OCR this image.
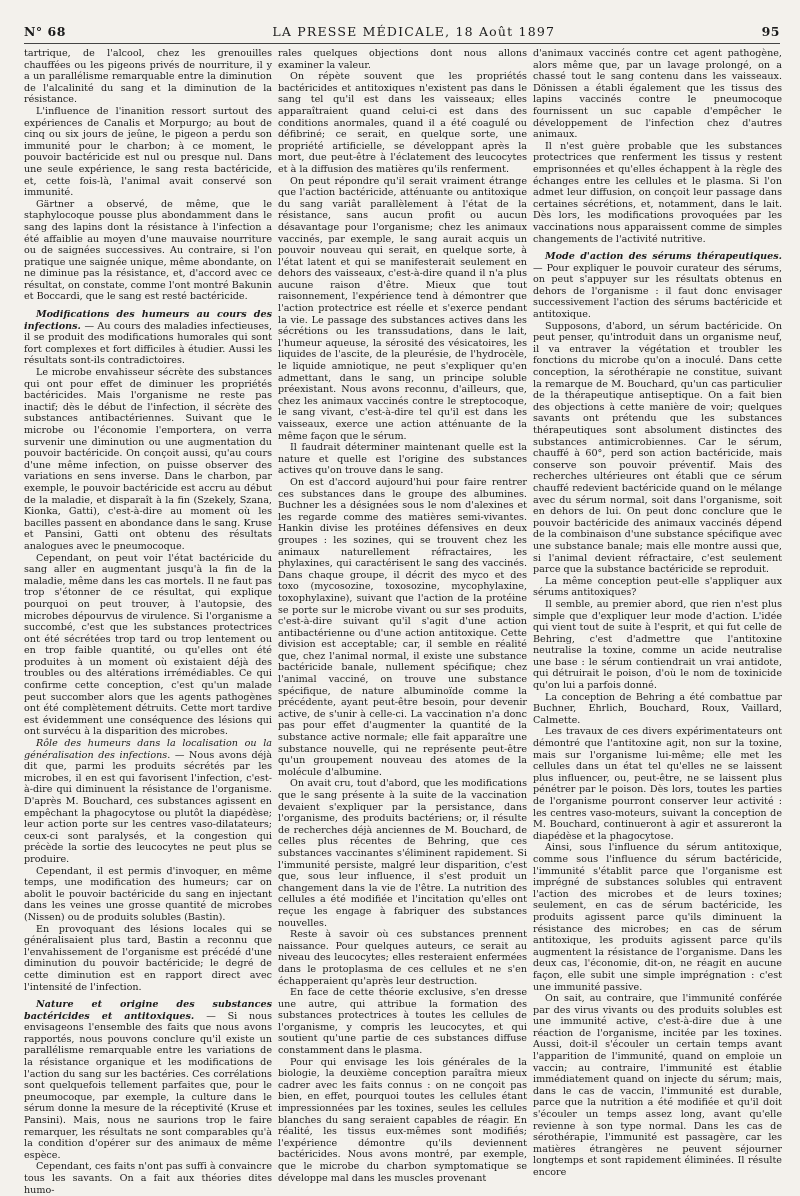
N° 68	LA PRESSE MÉDICALE, 18 Août 1897	95

tartrique, de l'alcool, chez les grenouilles chauffées ou les pigeons privés de nourriture, il y a un parallélisme remarquable entre la diminution de l'alcalinité du sang et la diminution de la résistance.

L'influence de l'inanition ressort surtout des expériences de Canalis et Morpurgo; au bout de cinq ou six jours de jeûne, le pigeon a perdu son immunité pour le charbon; à ce moment, le pouvoir bactéricide est nul ou presque nul. Dans une seule expérience, le sang resta bactéricide, et, cette fois-là, l'animal avait conservé son immunité.

Gärtner a observé, de même, que le staphylocoque pousse plus abondamment dans le sang des lapins dont la résistance à l'infection a été affaiblie au moyen d'une mauvaise nourriture ou de saignées successives. Au contraire, si l'on pratique une saignée unique, même abondante, on ne diminue pas la résistance, et, d'accord avec ce résultat, on constate, comme l'ont montré Bakunin et Boccardi, que le sang est resté bactéricide.

Modifications des humeurs au cours des infections. — Au cours des maladies infectieuses, il se produit des modifications humorales qui sont fort complexes et fort difficiles à étudier. Aussi les résultats sont-ils contradictoires.

Le microbe envahisseur sécrète des substances qui ont pour effet de diminuer les propriétés bactéricides. Mais l'organisme ne reste pas inactif; dès le début de l'infection, il sécrète des substances antibactériennes. Suivant que le microbe ou l'économie l'emportera, on verra survenir une diminution ou une augmentation du pouvoir bactéricide. On conçoit aussi, qu'au cours d'une même infection, on puisse observer des variations en sens inverse. Dans le charbon, par exemple, le pouvoir bactéricide est accru au début de la maladie, et disparaît à la fin (Szekely, Szana, Kionka, Gatti), c'est-à-dire au moment où les bacilles passent en abondance dans le sang. Kruse et Pansini, Gatti ont obtenu des résultats analogues avec le pneumocoque.

Cependant, on peut voir l'état bactéricide du sang aller en augmentant jusqu'à la fin de la maladie, même dans les cas mortels. Il ne faut pas trop s'étonner de ce résultat, qui explique pourquoi on peut trouver, à l'autopsie, des microbes dépourvus de virulence. Si l'organisme a succombé, c'est que les substances protectrices ont été sécrétées trop tard ou trop lentement ou en trop faible quantité, ou qu'elles ont été produites à un moment où existaient déjà des troubles ou des altérations irrémédiables. Ce qui confirme cette conception, c'est qu'un malade peut succomber alors que les agents pathogènes ont été complètement détruits. Cette mort tardive est évidemment une conséquence des lésions qui ont survécu à la disparition des microbes.

Rôle des humeurs dans la localisation ou la généralisation des infections. — Nous avons déjà dit que, parmi les produits sécrétés par les microbes, il en est qui favorisent l'infection, c'est-à-dire qui diminuent la résistance de l'organisme. D'après M. Bouchard, ces substances agissent en empêchant la phagocytose ou plutôt la diapédèse; leur action porte sur les centres vaso-dilatateurs; ceux-ci sont paralysés, et la congestion qui précède la sortie des leucocytes ne peut plus se produire.

Cependant, il est permis d'invoquer, en même temps, une modification des humeurs; car on abolit le pouvoir bactéricide du sang en injectant dans les veines une grosse quantité de microbes (Nissen) ou de produits solubles (Bastin).

En provoquant des lésions locales qui se généralisaient plus tard, Bastin a reconnu que l'envahissement de l'organisme est précédé d'une diminution du pouvoir bactéricide; le degré de cette diminution est en rapport direct avec l'intensité de l'infection.

Nature et origine des substances bactéricides et antitoxiques. — Si nous envisageons l'ensemble des faits que nous avons rapportés, nous pouvons conclure qu'il existe un parallélisme remarquable entre les variations de la résistance organique et les modifications de l'action du sang sur les bactéries. Ces corrélations sont quelquefois tellement parfaites que, pour le pneumocoque, par exemple, la culture dans le sérum donne la mesure de la réceptivité (Kruse et Pansini). Mais, nous ne saurions trop le faire remarquer, les résultats ne sont comparables qu'à la condition d'opérer sur des animaux de même espèce.

Cependant, ces faits n'ont pas suffi à convaincre tous les savants. On a fait aux théories dites humo-

rales quelques objections dont nous allons examiner la valeur.

On répète souvent que les propriétés bactéricides et antitoxiques n'existent pas dans le sang tel qu'il est dans les vaisseaux; elles apparaîtraient quand celui-ci est dans des conditions anormales, quand il a été coagulé ou défibriné; ce serait, en quelque sorte, une propriété artificielle, se développant après la mort, due peut-être à l'éclatement des leucocytes et à la diffusion des matières qu'ils renferment.

On peut répondre qu'il serait vraiment étrange que l'action bactéricide, atténuante ou antitoxique du sang variât parallèlement à l'état de la résistance, sans aucun profit ou aucun désavantage pour l'organisme; chez les animaux vaccinés, par exemple, le sang aurait acquis un pouvoir nouveau qui serait, en quelque sorte, à l'état latent et qui se manifesterait seulement en dehors des vaisseaux, c'est-à-dire quand il n'a plus aucune raison d'être. Mieux que tout raisonnement, l'expérience tend à démontrer que l'action protectrice est réelle et s'exerce pendant la vie. Le passage des substances actives dans les sécrétions ou les transsudations, dans le lait, l'humeur aqueuse, la sérosité des vésicatoires, les liquides de l'ascite, de la pleurésie, de l'hydrocèle, le liquide amniotique, ne peut s'expliquer qu'en admettant, dans le sang, un principe soluble préexistant. Nous avons reconnu, d'ailleurs, que, chez les animaux vaccinés contre le streptocoque, le sang vivant, c'est-à-dire tel qu'il est dans les vaisseaux, exerce une action atténuante de la même façon que le sérum.

Il faudrait déterminer maintenant quelle est la nature et quelle est l'origine des substances actives qu'on trouve dans le sang.

On est d'accord aujourd'hui pour faire rentrer ces substances dans le groupe des albumines. Buchner les a désignées sous le nom d'alexines et les regarde comme des matières semi-vivantes. Hankin divise les protéines défensives en deux groupes : les sozines, qui se trouvent chez les animaux naturellement réfractaires, les phylaxines, qui caractérisent le sang des vaccinés. Dans chaque groupe, il décrit des myco et des toxo (mycosozine, toxosozine, mycophylaxine, toxophylaxine), suivant que l'action de la protéine se porte sur le microbe vivant ou sur ses produits, c'est-à-dire suivant qu'il s'agit d'une action antibactérienne ou d'une action antitoxique. Cette division est acceptable; car, il semble en réalité que, chez l'animal normal, il existe une substance bactéricide banale, nullement spécifique; chez l'animal vacciné, on trouve une substance spécifique, de nature albuminoïde comme la précédente, ayant peut-être besoin, pour devenir active, de s'unir à celle-ci. La vaccination n'a donc pas pour effet d'augmenter la quantité de la substance active normale; elle fait apparaître une substance nouvelle, qui ne représente peut-être qu'un groupement nouveau des atomes de la molécule d'albumine.

On avait cru, tout d'abord, que les modifications que le sang présente à la suite de la vaccination devaient s'expliquer par la persistance, dans l'organisme, des produits bactériens; or, il résulte de recherches déjà anciennes de M. Bouchard, de celles plus récentes de Behring, que ces substances vaccinantes s'éliminent rapidement. Si l'immunité persiste, malgré leur disparition, c'est que, sous leur influence, il s'est produit un changement dans la vie de l'être. La nutrition des cellules a été modifiée et l'incitation qu'elles ont reçue les engage à fabriquer des substances nouvelles.

Reste à savoir où ces substances prennent naissance. Pour quelques auteurs, ce serait au niveau des leucocytes; elles resteraient enfermées dans le protoplasma de ces cellules et ne s'en échapperaient qu'après leur destruction.

En face de cette théorie exclusive, s'en dresse une autre, qui attribue la formation des substances protectrices à toutes les cellules de l'organisme, y compris les leucocytes, et qui soutient qu'une partie de ces substances diffuse constamment dans le plasma.

Pour qui envisage les lois générales de la biologie, la deuxième conception paraîtra mieux cadrer avec les faits connus : on ne conçoit pas bien, en effet, pourquoi toutes les cellules étant impressionnées par les toxines, seules les cellules blanches du sang seraient capables de réagir. En réalité, les tissus eux-mêmes sont modifiés; l'expérience démontre qu'ils deviennent bactéricides. Nous avons montré, par exemple, que le microbe du charbon symptomatique se développe mal dans les muscles provenant

d'animaux vaccinés contre cet agent pathogène, alors même que, par un lavage prolongé, on a chassé tout le sang contenu dans les vaisseaux. Dönissen a établi également que les tissus des lapins vaccinés contre le pneumocoque fournissent un suc capable d'empêcher le développement de l'infection chez d'autres animaux.

Il n'est guère probable que les substances protectrices que renferment les tissus y restent emprisonnées et qu'elles échappent à la règle des échanges entre les cellules et le plasma. Si l'on admet leur diffusion, on conçoit leur passage dans certaines sécrétions, et, notamment, dans le lait. Dès lors, les modifications provoquées par les vaccinations nous apparaissent comme de simples changements de l'activité nutritive.

Mode d'action des sérums thérapeutiques. — Pour expliquer le pouvoir curateur des sérums, on peut s'appuyer sur les résultats obtenus en dehors de l'organisme : il faut donc envisager successivement l'action des sérums bactéricide et antitoxique.

Supposons, d'abord, un sérum bactéricide. On peut penser, qu'introduit dans un organisme neuf, il va entraver la végétation et troubler les fonctions du microbe qu'on a inoculé. Dans cette conception, la sérothérapie ne constitue, suivant la remarque de M. Bouchard, qu'un cas particulier de la thérapeutique antiseptique. On a fait bien des objections à cette manière de voir; quelques savants ont prétendu que les substances thérapeutiques sont absolument distinctes des substances antimicrobiennes. Car le sérum, chauffé à 60°, perd son action bactéricide, mais conserve son pouvoir préventif. Mais des recherches ultérieures ont établi que ce sérum chauffé redevient bactéricide quand on le mélange avec du sérum normal, soit dans l'organisme, soit en dehors de lui. On peut donc conclure que le pouvoir bactéricide des animaux vaccinés dépend de la combinaison d'une substance spécifique avec une substance banale; mais elle montre aussi que, si l'animal devient réfractaire, c'est seulement parce que la substance bactéricide se reproduit.

La même conception peut-elle s'appliquer aux sérums antitoxiques?

Il semble, au premier abord, que rien n'est plus simple que d'expliquer leur mode d'action. L'idée qui vient tout de suite à l'esprit, et qui fut celle de Behring, c'est d'admettre que l'antitoxine neutralise la toxine, comme un acide neutralise une base : le sérum contiendrait un vrai antidote, qui détruirait le poison, d'où le nom de toxinicide qu'on lui a parfois donné.

La conception de Behring a été combattue par Buchner, Ehrlich, Bouchard, Roux, Vaillard, Calmette.

Les travaux de ces divers expérimentateurs ont démontré que l'antitoxine agit, non sur la toxine, mais sur l'organisme lui-même; elle met les cellules dans un état tel qu'elles ne se laissent plus influencer, ou, peut-être, ne se laissent plus pénétrer par le poison. Dès lors, toutes les parties de l'organisme pourront conserver leur activité : les centres vaso-moteurs, suivant la conception de M. Bouchard, continueront à agir et assureront la diapédèse et la phagocytose.

Ainsi, sous l'influence du sérum antitoxique, comme sous l'influence du sérum bactéricide, l'immunité s'établit parce que l'organisme est imprégné de substances solubles qui entravent l'action des microbes et de leurs toxines; seulement, en cas de sérum bactéricide, les produits agissent parce qu'ils diminuent la résistance des microbes; en cas de sérum antitoxique, les produits agissent parce qu'ils augmentent la résistance de l'organisme. Dans les deux cas, l'économie, dit-on, ne réagit en aucune façon, elle subit une simple imprégnation : c'est une immunité passive.

On sait, au contraire, que l'immunité conférée par des virus vivants ou des produits solubles est une immunité active, c'est-à-dire due à une réaction de l'organisme, incitée par les toxines. Aussi, doit-il s'écouler un certain temps avant l'apparition de l'immunité, quand on emploie un vaccin; au contraire, l'immunité est établie immédiatement quand on injecte du sérum; mais, dans le cas de vaccin, l'immunité est durable, parce que la nutrition a été modifiée et qu'il doit s'écouler un temps assez long, avant qu'elle revienne à son type normal. Dans les cas de sérothérapie, l'immunité est passagère, car les matières étrangères ne peuvent séjourner longtemps et sont rapidement éliminées. Il résulte encore
